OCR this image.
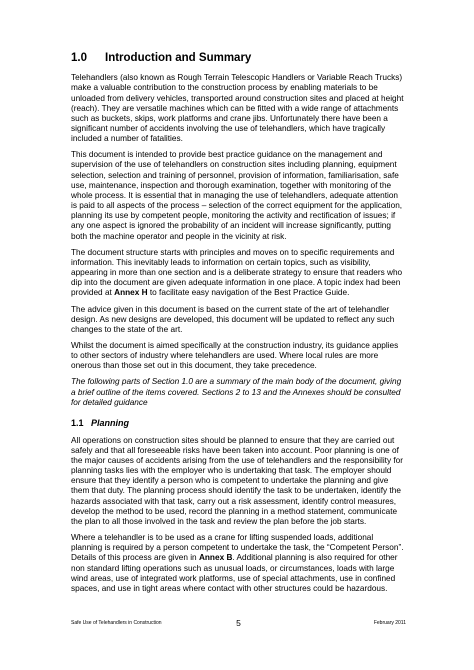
1.0 Introduction and Summary

Telehandlers (also known as Rough Terrain Telescopic Handlers or Variable Reach Trucks) make a valuable contribution to the construction process by enabling materials to be unloaded from delivery vehicles, transported around construction sites and placed at height (reach). They are versatile machines which can be fitted with a wide range of attachments such as buckets, skips, work platforms and crane jibs. Unfortunately there have been a significant number of accidents involving the use of telehandlers, which have tragically included a number of fatalities.

This document is intended to provide best practice guidance on the management and supervision of the use of telehandlers on construction sites including planning, equipment selection, selection and training of personnel, provision of information, familiarisation, safe use, maintenance, inspection and thorough examination, together with monitoring of the whole process. It is essential that in managing the use of telehandlers, adequate attention is paid to all aspects of the process – selection of the correct equipment for the application, planning its use by competent people, monitoring the activity and rectification of issues; if any one aspect is ignored the probability of an incident will increase significantly, putting both the machine operator and people in the vicinity at risk.

The document structure starts with principles and moves on to specific requirements and information. This inevitably leads to information on certain topics, such as visibility, appearing in more than one section and is a deliberate strategy to ensure that readers who dip into the document are given adequate information in one place. A topic index had been provided at Annex H to facilitate easy navigation of the Best Practice Guide.

The advice given in this document is based on the current state of the art of telehandler design. As new designs are developed, this document will be updated to reflect any such changes to the state of the art.

Whilst the document is aimed specifically at the construction industry, its guidance applies to other sectors of industry where telehandlers are used. Where local rules are more onerous than those set out in this document, they take precedence.

The following parts of Section 1.0 are a summary of the main body of the document, giving a brief outline of the items covered. Sections 2 to 13 and the Annexes should be consulted for detailed guidance

1.1 Planning

All operations on construction sites should be planned to ensure that they are carried out safely and that all foreseeable risks have been taken into account. Poor planning is one of the major causes of accidents arising from the use of telehandlers and the responsibility for planning tasks lies with the employer who is undertaking that task. The employer should ensure that they identify a person who is competent to undertake the planning and give them that duty. The planning process should identify the task to be undertaken, identify the hazards associated with that task, carry out a risk assessment, identify control measures, develop the method to be used, record the planning in a method statement, communicate the plan to all those involved in the task and review the plan before the job starts.

Where a telehandler is to be used as a crane for lifting suspended loads, additional planning is required by a person competent to undertake the task, the “Competent Person”. Details of this process are given in Annex B. Additional planning is also required for other non standard lifting operations such as unusual loads, or circumstances, loads with large wind areas, use of integrated work platforms, use of special attachments, use in confined spaces, and use in tight areas where contact with other structures could be hazardous.

Safe Use of Telehandlers in Construction	5	February 2011
